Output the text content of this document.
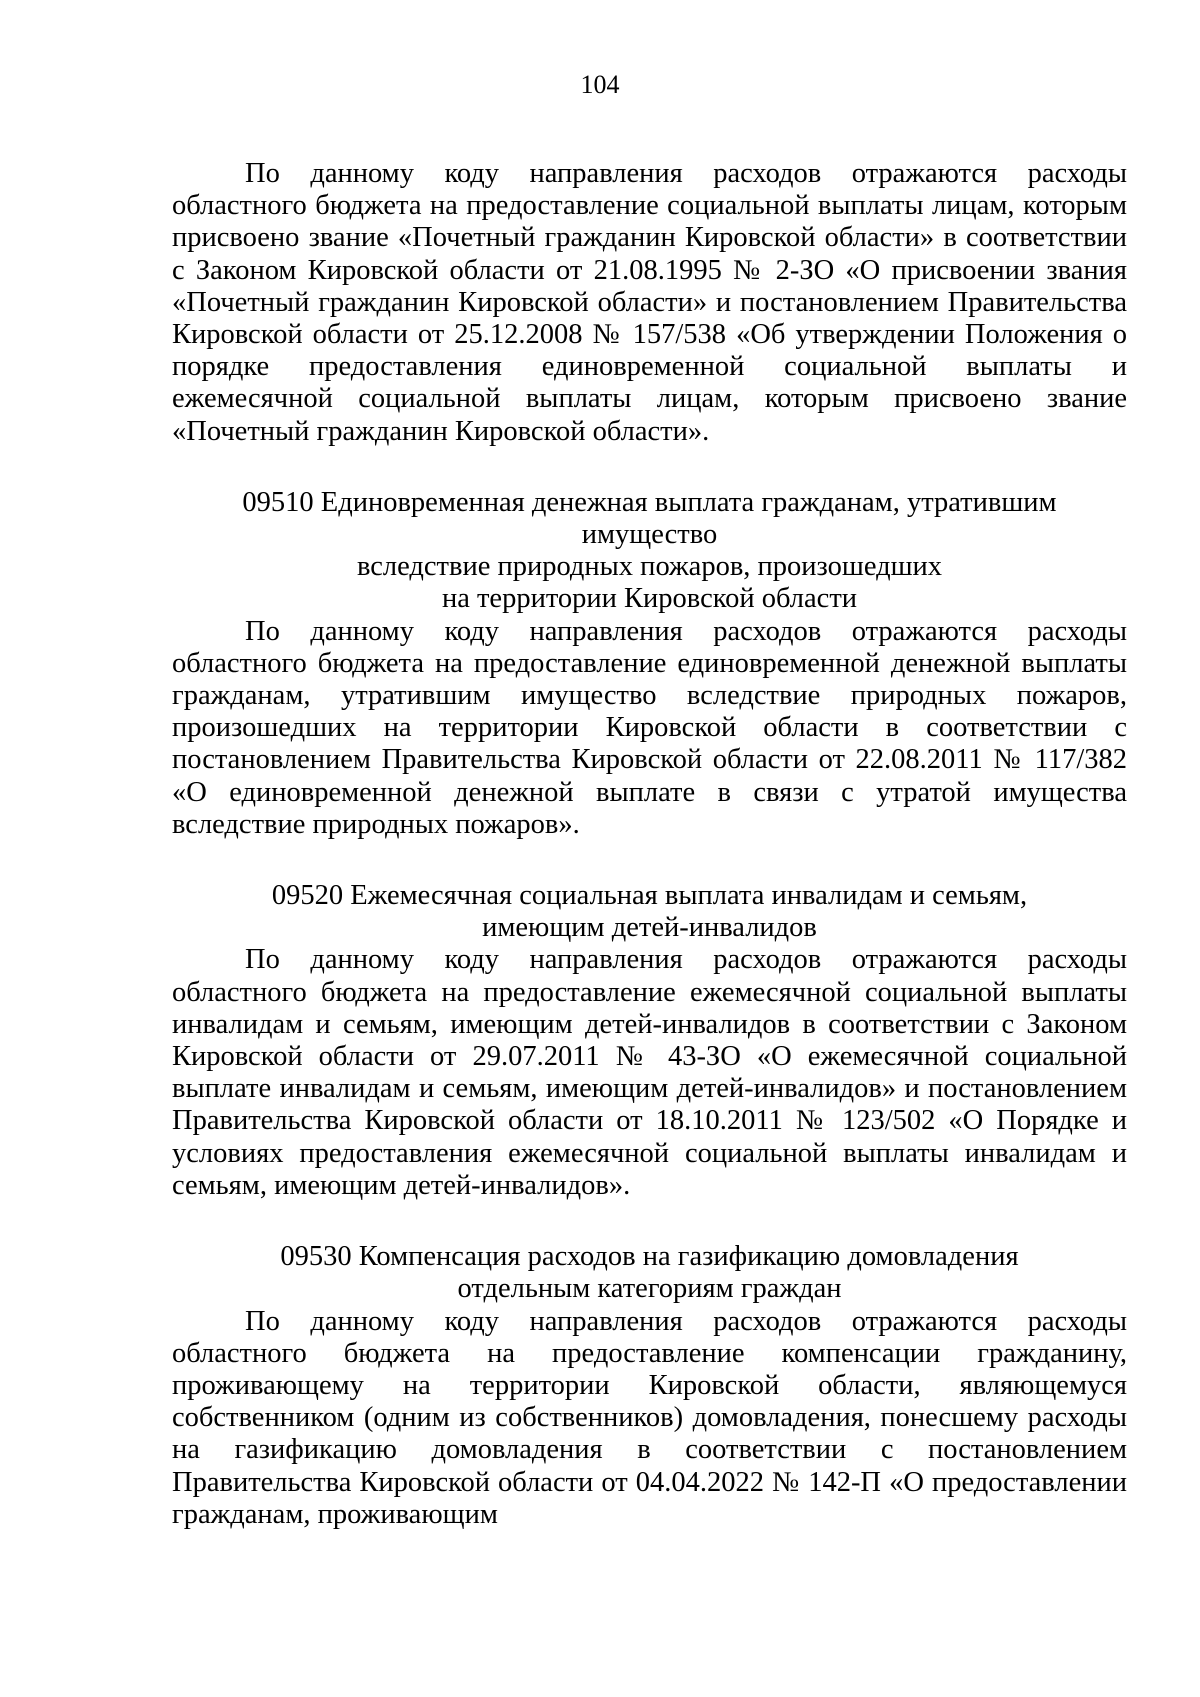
104

По данному коду направления расходов отражаются расходы областного бюджета на предоставление социальной выплаты лицам, которым присвоено звание «Почетный гражданин Кировской области» в соответствии с Законом Кировской области от 21.08.1995 № 2-ЗО «О присвоении звания «Почетный гражданин Кировской области» и постановлением Правительства Кировской области от 25.12.2008 № 157/538 «Об утверждении Положения о порядке предоставления единовременной социальной выплаты и ежемесячной социальной выплаты лицам, которым присвоено звание «Почетный гражданин Кировской области».

09510 Единовременная денежная выплата гражданам, утратившим имущество
вследствие природных пожаров, произошедших
на территории Кировской области

По данному коду направления расходов отражаются расходы областного бюджета на предоставление единовременной денежной выплаты гражданам, утратившим имущество вследствие природных пожаров, произошедших на территории Кировской области в соответствии с постановлением Правительства Кировской области от 22.08.2011 № 117/382 «О единовременной денежной выплате в связи с утратой имущества вследствие природных пожаров».

09520 Ежемесячная социальная выплата инвалидам и семьям,
имеющим детей-инвалидов

По данному коду направления расходов отражаются расходы областного бюджета на предоставление ежемесячной социальной выплаты инвалидам и семьям, имеющим детей-инвалидов в соответствии с Законом Кировской области от 29.07.2011 № 43-ЗО «О ежемесячной социальной выплате инвалидам и семьям, имеющим детей-инвалидов» и постановлением Правительства Кировской области от 18.10.2011 № 123/502 «О Порядке и условиях предоставления ежемесячной социальной выплаты инвалидам и семьям, имеющим детей-инвалидов».

09530 Компенсация расходов на газификацию домовладения
отдельным категориям граждан

По данному коду направления расходов отражаются расходы областного бюджета на предоставление компенсации гражданину, проживающему на территории Кировской области, являющемуся собственником (одним из собственников) домовладения, понесшему расходы на газификацию домовладения в соответствии с постановлением Правительства Кировской области от 04.04.2022 № 142-П «О предоставлении гражданам, проживающим
